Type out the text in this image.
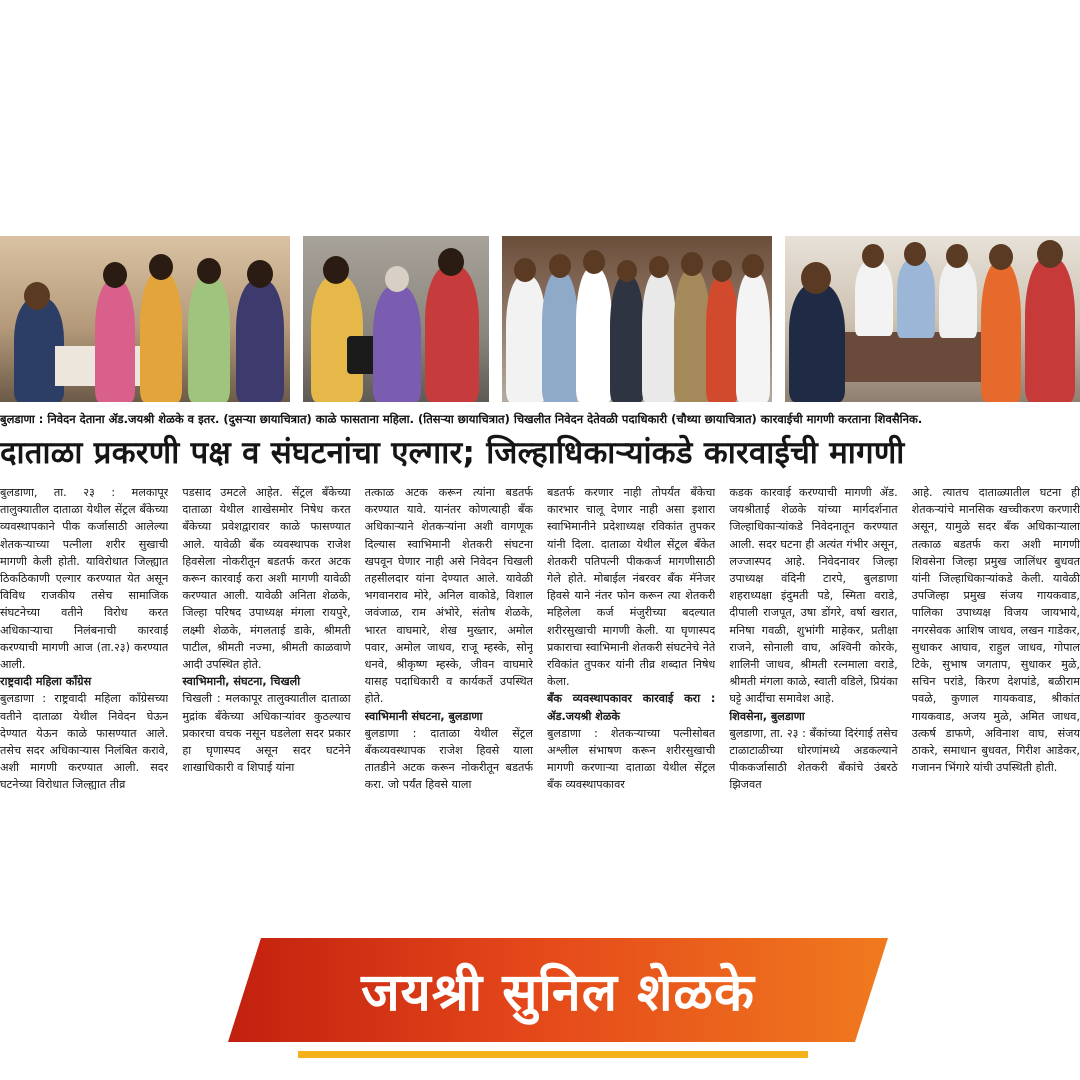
बुलडाणा : निवेदन देताना ॲड.जयश्री शेळके व इतर. (दुसऱ्या छायाचित्रात) काळे फासताना महिला. (तिसऱ्या छायाचित्रात) चिखलीत निवेदन देतेवळी पदाधिकारी (चौथ्या छायाचित्रात) कारवाईची मागणी करताना शिवसैनिक.
दाताळा प्रकरणी पक्ष व संघटनांचा एल्गार; जिल्हाधिकाऱ्यांकडे कारवाईची मागणी

बुलडाणा, ता. २३ : मलकापूर तालुक्यातील दाताळा येथील सेंट्रल बँकेच्या व्यवस्थापकाने पीक कर्जासाठी आलेल्या शेतकऱ्याच्या पत्नीला शरीर सुखाची मागणी केली होती. याविरोधात जिल्ह्यात ठिकठिकाणी एल्गार करण्यात येत असून विविध राजकीय तसेच सामाजिक संघटनेच्या वतीने विरोध करत अधिकाऱ्याचा निलंबनाची कारवाई करण्याची मागणी आज (ता.२३) करण्यात आली.

राष्ट्रवादी महिला काँग्रेस

बुलडाणा : राष्ट्रवादी महिला काँग्रेसच्या वतीने दाताळा येथील निवेदन घेऊन देण्यात येऊन काळे फासण्यात आले. तसेच सदर अधिकाऱ्यास निलंबित करावे, अशी मागणी करण्यात आली. सदर घटनेच्या विरोधात जिल्ह्यात तीव्र

पडसाद उमटले आहेत. सेंट्रल बँकेच्या दाताळा येथील शाखेसमोर निषेध करत बँकेच्या प्रवेशद्वारावर काळे फासण्यात आले. यावेळी बँक व्यवस्थापक राजेश हिवसेला नोकरीतून बडतर्फ करत अटक करून कारवाई करा अशी मागणी यावेळी करण्यात आली. यावेळी अनिता शेळके, जिल्हा परिषद उपाध्यक्ष मंगला रायपुरे, लक्ष्मी शेळके, मंगलताई डाके, श्रीमती पाटील, श्रीमती नज्मा, श्रीमती काळवाणे आदी उपस्थित होते.

स्वाभिमानी, संघटना, चिखली

चिखली : मलकापूर तालुक्यातील दाताळा मुद्रांक बँकेच्या अधिकाऱ्यांवर कुठल्याच प्रकारचा वचक नसून घडलेला सदर प्रकार हा घृणास्पद असून सदर घटनेने शाखाधिकारी व शिपाई यांना

तत्काळ अटक करून त्यांना बडतर्फ करण्यात यावे. यानंतर कोणत्याही बँक अधिकाऱ्याने शेतकऱ्यांना अशी वागणूक दिल्यास स्वाभिमानी शेतकरी संघटना खपवून घेणार नाही असे निवेदन चिखली तहसीलदार यांना देण्यात आले. यावेळी भगवानराव मोरे, अनिल वाकोडे, विशाल जवंजाळ, राम अंभोरे, संतोष शेळके, भारत वाघमारे, शेख मुख्तार, अमोल पवार, अमोल जाधव, राजू म्हस्के, सोनू धनवे, श्रीकृष्ण म्हस्के, जीवन वाघमारे यासह पदाधिकारी व कार्यकर्ते उपस्थित होते.

स्वाभिमानी संघटना, बुलडाणा

बुलडाणा : दाताळा येथील सेंट्रल बँकव्यवस्थापक राजेश हिवसे याला तातडीने अटक करून नोकरीतून बडतर्फ करा. जो पर्यंत हिवसे याला

बडतर्फ करणार नाही तोपर्यंत बँकेचा कारभार चालू देणार नाही असा इशारा स्वाभिमानीने प्रदेशाध्यक्ष रविकांत तुपकर यांनी दिला. दाताळा येथील सेंट्रल बँकेत शेतकरी पतिपत्नी पीककर्ज मागणीसाठी गेले होते. मोबाईल नंबरवर बँक मॅनेजर हिवसे याने नंतर फोन करून त्या शेतकरी महिलेला कर्ज मंजुरीच्या बदल्यात शरीरसुखाची मागणी केली. या घृणास्पद प्रकाराचा स्वाभिमानी शेतकरी संघटनेचे नेते रविकांत तुपकर यांनी तीव्र शब्दात निषेध केला.

बँक व्यवस्थापकावर कारवाई करा : ॲड.जयश्री शेळके

बुलडाणा : शेतकऱ्याच्या पत्नीसोबत अश्लील संभाषण करून शरीरसुखाची मागणी करणाऱ्या दाताळा येथील सेंट्रल बँक व्यवस्थापकावर

कडक कारवाई करण्याची मागणी ॲड. जयश्रीताई शेळके यांच्या मार्गदर्शनात जिल्हाधिकाऱ्यांकडे निवेदनातून करण्यात आली. सदर घटना ही अत्यंत गंभीर असून, लज्जास्पद आहे. निवेदनावर जिल्हा उपाध्यक्ष वंदिनी टारपे, बुलडाणा शहराध्यक्षा इंदुमती पडे, स्मिता वराडे, दीपाली राजपूत, उषा डोंगरे, वर्षा खरात, मनिषा गवळी, शुभांगी माहेकर, प्रतीक्षा राजने, सोनाली वाघ, अश्विनी कोरके, शालिनी जाधव, श्रीमती रत्नमाला वराडे, श्रीमती मंगला काळे, स्वाती वडिले, प्रियंका घट्टे आदींचा समावेश आहे.

शिवसेना, बुलडाणा

बुलडाणा, ता. २३ : बँकांच्या दिरंगाई तसेच टाळाटाळीच्या धोरणांमध्ये अडकल्याने पीककर्जासाठी शेतकरी बँकांचे उंबरठे झिजवत

आहे. त्यातच दाताळ्यातील घटना ही शेतकऱ्यांचे मानसिक खच्चीकरण करणारी असून, यामुळे सदर बँक अधिकाऱ्याला तत्काळ बडतर्फ करा अशी मागणी शिवसेना जिल्हा प्रमुख जालिंधर बुधवत यांनी जिल्हाधिकाऱ्यांकडे केली. यावेळी उपजिल्हा प्रमुख संजय गायकवाड, पालिका उपाध्यक्ष विजय जायभाये, नगरसेवक आशिष जाधव, लखन गाडेकर, सुधाकर आघाव, राहुल जाधव, गोपाल टिके, सुभाष जगताप, सुधाकर मुळे, सचिन परांडे, किरण देशपांडे, बळीराम पवळे, कुणाल गायकवाड, श्रीकांत गायकवाड, अजय मुळे, अमित जाधव, उत्कर्ष डाफणे, अविनाश वाघ, संजय ठाकरे, समाधान बुधवत, गिरीश आडेकर, गजानन भिंगारे यांची उपस्थिती होती.

जयश्री सुनिल शेळके
